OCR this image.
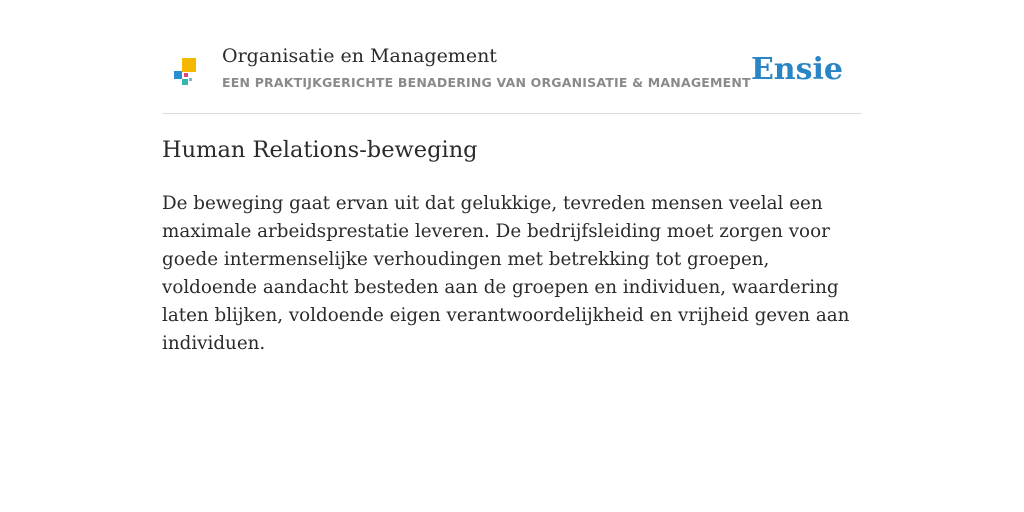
Organisatie en Management
EEN PRAKTIJKGERICHTE BENADERING VAN ORGANISATIE & MANAGEMENT Ensie
Human Relations-beweging

De beweging gaat ervan uit dat gelukkige, tevreden mensen veelal een maximale arbeidsprestatie leveren. De bedrijfsleiding moet zorgen voor goede intermenselijke verhoudingen met betrekking tot groepen, voldoende aandacht besteden aan de groepen en individuen, waardering laten blijken, voldoende eigen verantwoordelijkheid en vrijheid geven aan individuen.
